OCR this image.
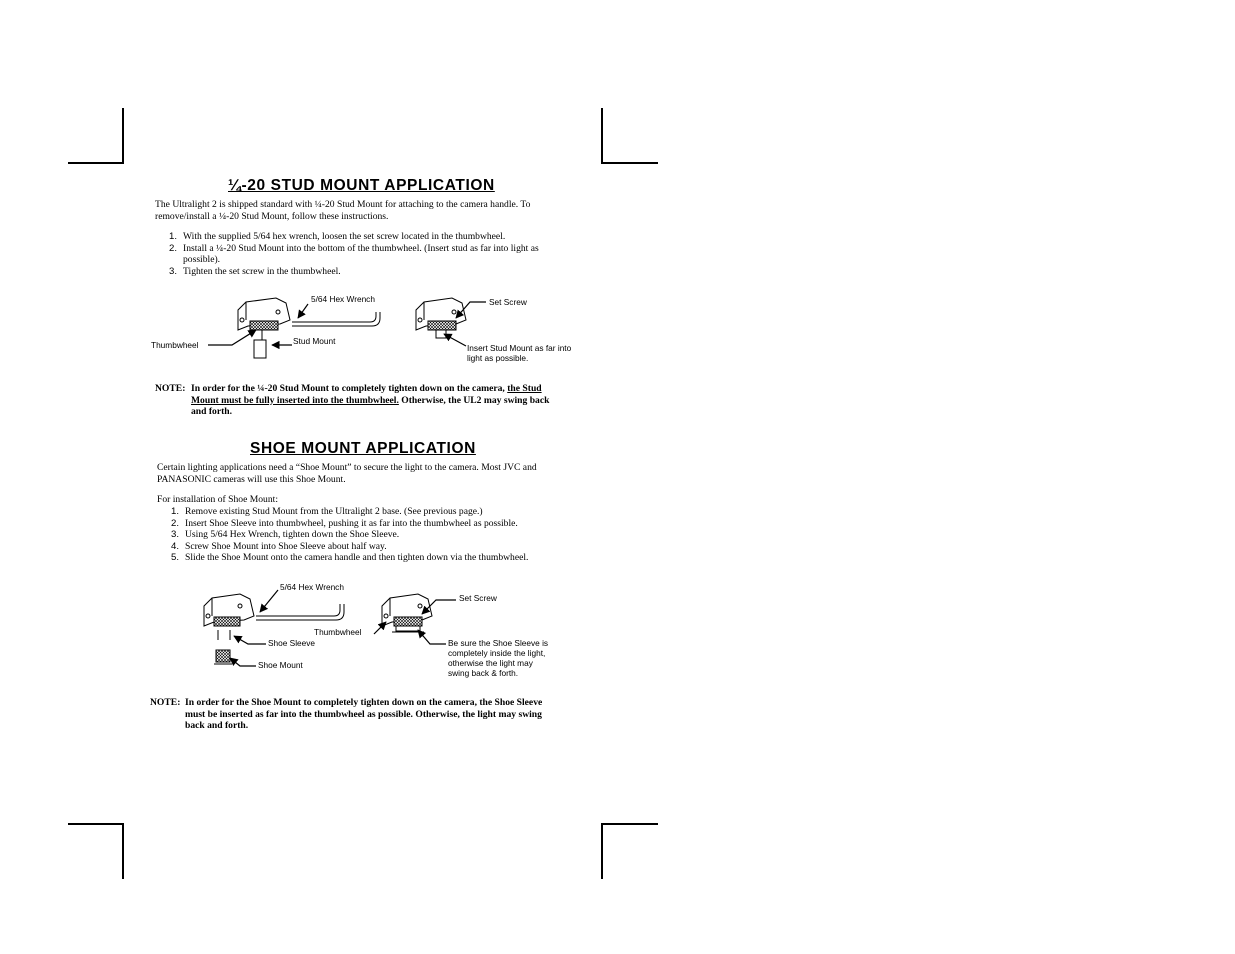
¼-20 STUD MOUNT APPLICATION
The Ultralight 2 is shipped standard with ¼-20 Stud Mount for attaching to the camera handle. To
remove/install a ¼-20 Stud Mount, follow these instructions.
1. With the supplied 5/64 hex wrench, loosen the set screw located in the thumbwheel.
2. Install a ¼-20 Stud Mount into the bottom of the thumbwheel. (Insert stud as far into light as
possible).
3. Tighten the set screw in the thumbwheel.
5/64 Hex Wrench
Thumbwheel	Stud Mount
Set Screw
Insert Stud Mount as far into
light as possible.
NOTE: In order for the ¼-20 Stud Mount to completely tighten down on the camera, the Stud
Mount must be fully inserted into the thumbwheel. Otherwise, the UL2 may swing back
and forth.
SHOE MOUNT APPLICATION
Certain lighting applications need a “Shoe Mount” to secure the light to the camera. Most JVC and
PANASONIC cameras will use this Shoe Mount.
For installation of Shoe Mount:
1. Remove existing Stud Mount from the Ultralight 2 base. (See previous page.)
2. Insert Shoe Sleeve into thumbwheel, pushing it as far into the thumbwheel as possible.
3. Using 5/64 Hex Wrench, tighten down the Shoe Sleeve.
4. Screw Shoe Mount into Shoe Sleeve about half way.
5. Slide the Shoe Mount onto the camera handle and then tighten down via the thumbwheel.
5/64 Hex Wrench
Thumbwheel
Shoe Sleeve
Shoe Mount
Set Screw
Be sure the Shoe Sleeve is
completely inside the light,
otherwise the light may
swing back & forth.
NOTE: In order for the Shoe Mount to completely tighten down on the camera, the Shoe Sleeve
must be inserted as far into the thumbwheel as possible. Otherwise, the light may swing
back and forth.
